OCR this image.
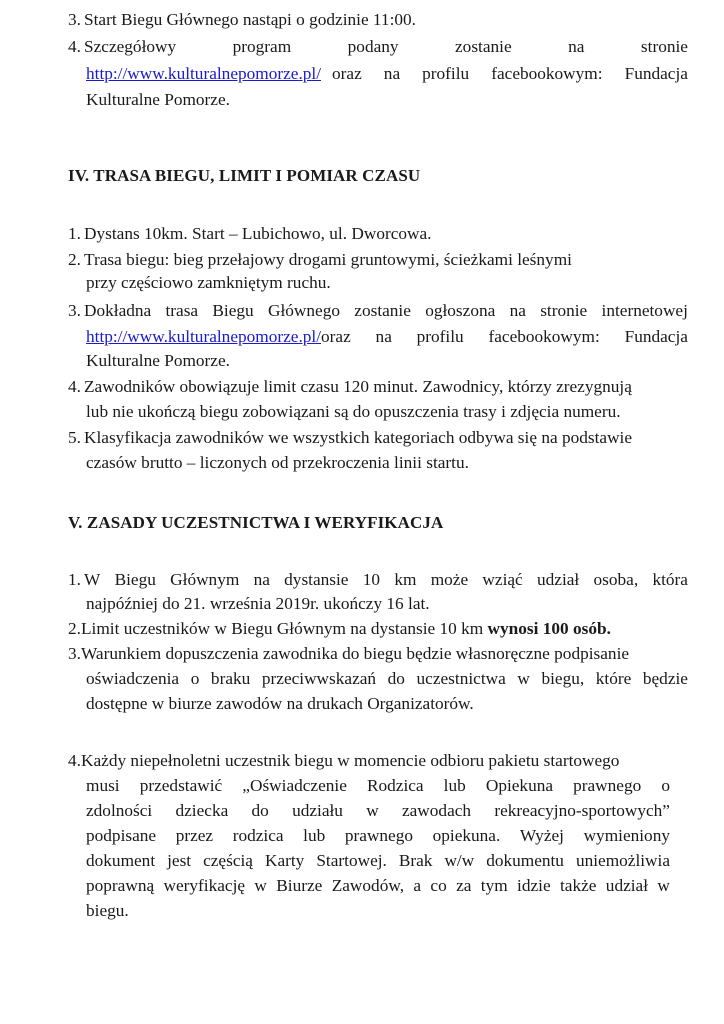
3. Start Biegu Głównego nastąpi o godzinie 11:00.
4. Szczegółowy	program	podany	zostanie	na	stronie
http://www.kulturalnepomorze.pl/ oraz na profilu facebookowym: Fundacja
Kulturalne Pomorze.
IV. TRASA BIEGU, LIMIT I POMIAR CZASU
1. Dystans 10km. Start – Lubichowo, ul. Dworcowa.
2. Trasa biegu: bieg przełajowy drogami gruntowymi, ścieżkami leśnymi
przy częściowo zamkniętym ruchu.
3. Dokładna trasa Biegu Głównego zostanie ogłoszona na stronie internetowej
http://www.kulturalnepomorze.pl/ oraz na profilu facebookowym: Fundacja
Kulturalne Pomorze.
4. Zawodników obowiązuje limit czasu 120 minut. Zawodnicy, którzy zrezygnują
lub nie ukończą biegu zobowiązani są do opuszczenia trasy i zdjęcia numeru.
5. Klasyfikacja zawodników we wszystkich kategoriach odbywa się na podstawie
czasów brutto – liczonych od przekroczenia linii startu.
V. ZASADY UCZESTNICTWA I WERYFIKACJA
1. W Biegu Głównym na dystansie 10 km może wziąć udział osoba, która
najpóźniej do 21. września 2019r. ukończy 16 lat.
2. Limit uczestników w Biegu Głównym na dystansie 10 km wynosi 100 osób.
3. Warunkiem dopuszczenia zawodnika do biegu będzie własnoręczne podpisanie
oświadczenia o braku przeciwwskazań do uczestnictwa w biegu, które będzie
dostępne w biurze zawodów na drukach Organizatorów.
4. Każdy niepełnoletni uczestnik biegu w momencie odbioru pakietu startowego
musi przedstawić „Oświadczenie Rodzica lub Opiekuna prawnego o
zdolności dziecka do udziału w zawodach rekreacyjno-sportowych”
podpisane przez rodzica lub prawnego opiekuna. Wyżej wymieniony
dokument jest częścią Karty Startowej. Brak w/w dokumentu uniemożliwia
poprawną weryfikację w Biurze Zawodów, a co za tym idzie także udział w
biegu.
